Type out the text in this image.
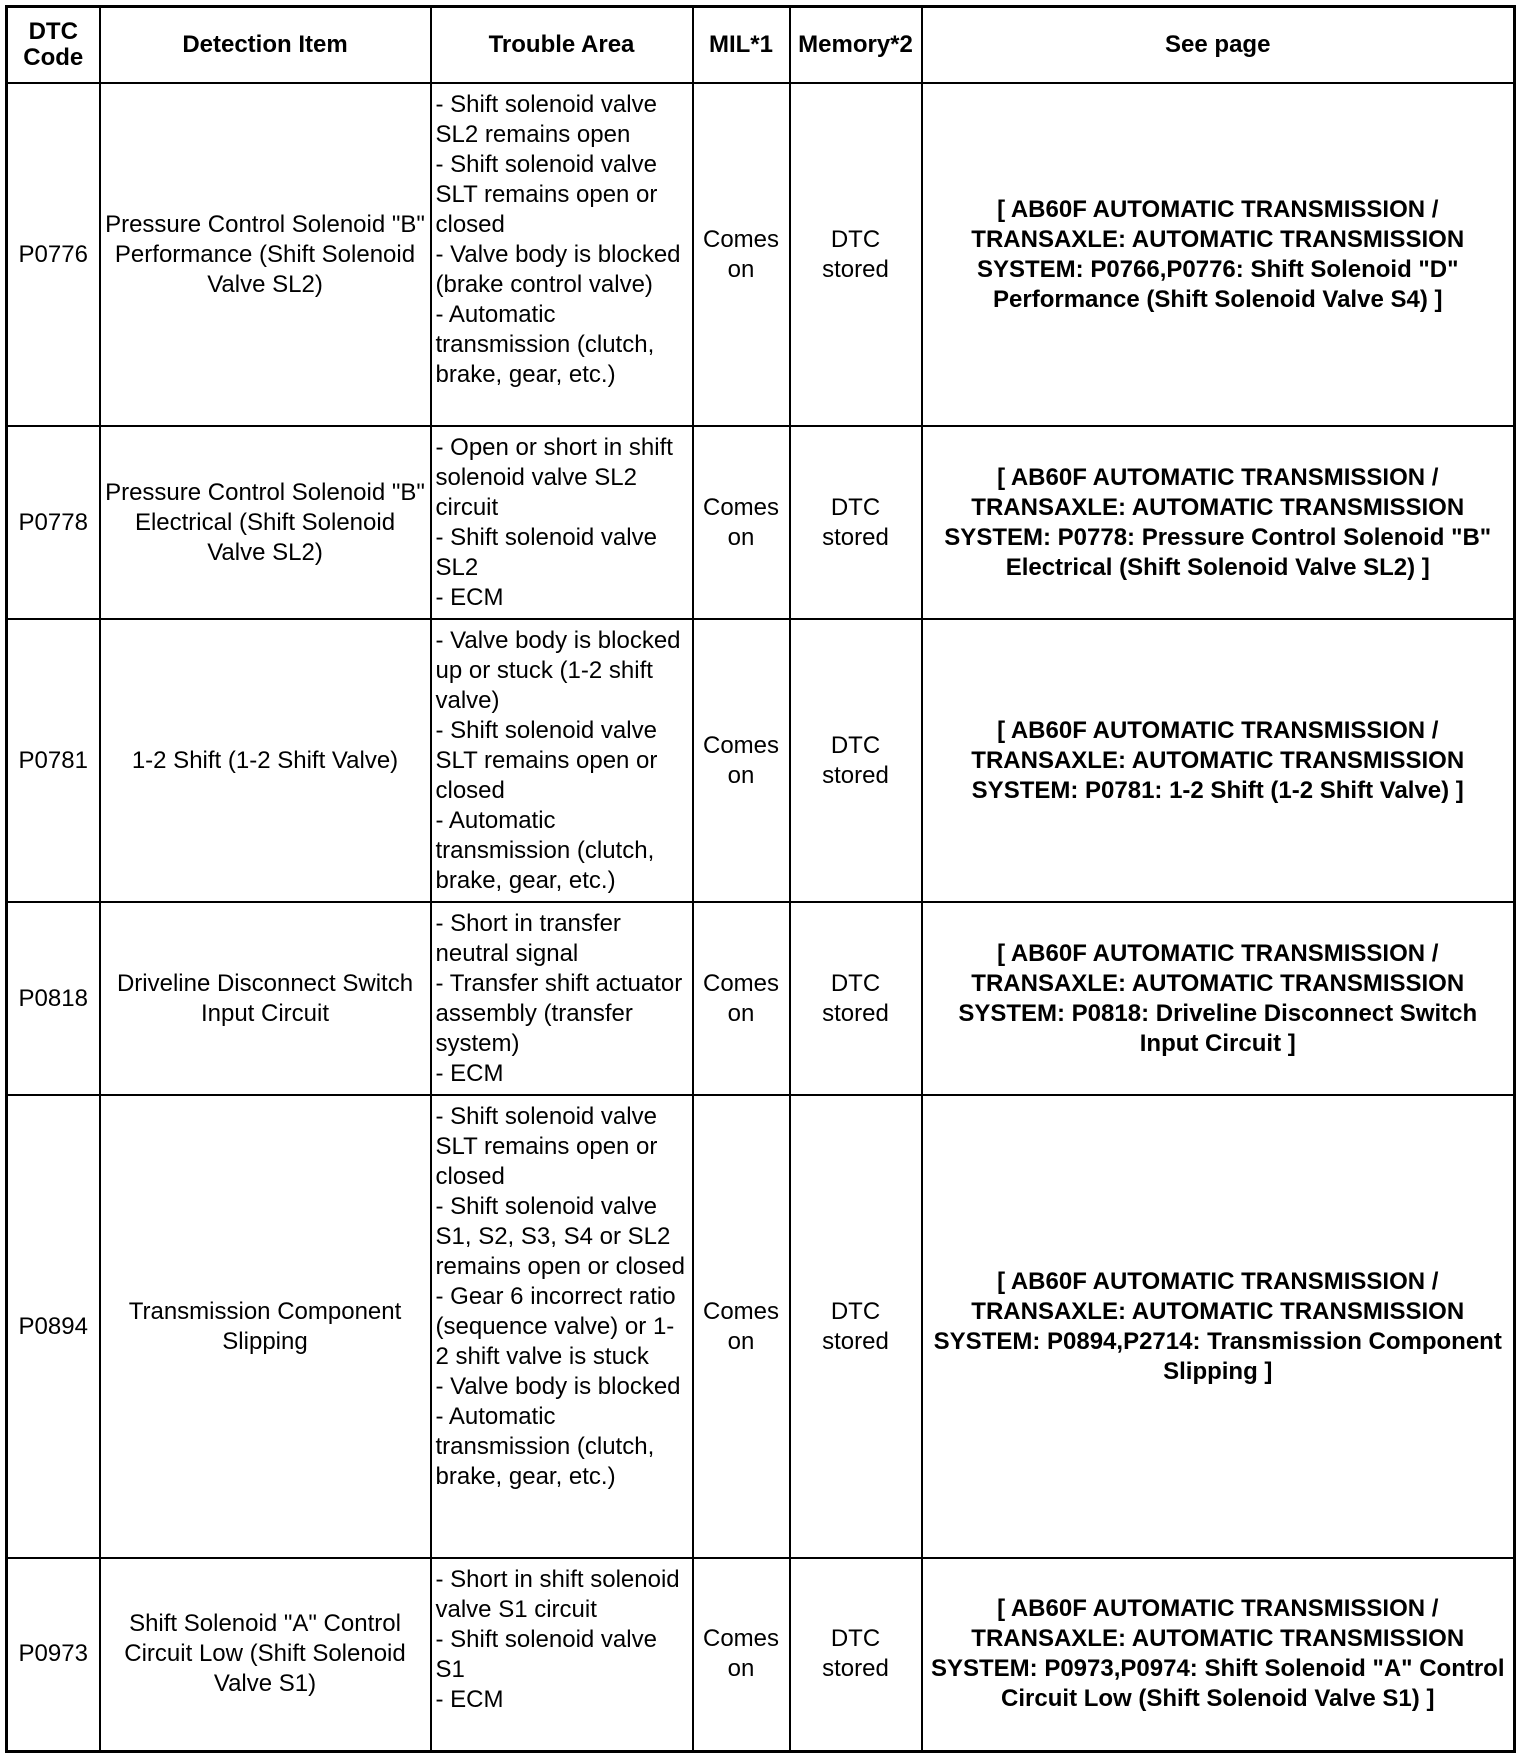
DTC Code	Detection Item	Trouble Area	MIL*1	Memory*2	See page
P0776	Pressure Control Solenoid "B" Performance (Shift Solenoid Valve SL2)	- Shift solenoid valve SL2 remains open
- Shift solenoid valve SLT remains open or closed
- Valve body is blocked (brake control valve)
- Automatic transmission (clutch, brake, gear, etc.)	Comes on	DTC stored	[ AB60F AUTOMATIC TRANSMISSION / TRANSAXLE: AUTOMATIC TRANSMISSION SYSTEM: P0766,P0776: Shift Solenoid "D" Performance (Shift Solenoid Valve S4) ]
P0778	Pressure Control Solenoid "B" Electrical (Shift Solenoid Valve SL2)	- Open or short in shift solenoid valve SL2 circuit
- Shift solenoid valve SL2
- ECM	Comes on	DTC stored	[ AB60F AUTOMATIC TRANSMISSION / TRANSAXLE: AUTOMATIC TRANSMISSION SYSTEM: P0778: Pressure Control Solenoid "B" Electrical (Shift Solenoid Valve SL2) ]
P0781	1-2 Shift (1-2 Shift Valve)	- Valve body is blocked up or stuck (1-2 shift valve)
- Shift solenoid valve SLT remains open or closed
- Automatic transmission (clutch, brake, gear, etc.)	Comes on	DTC stored	[ AB60F AUTOMATIC TRANSMISSION / TRANSAXLE: AUTOMATIC TRANSMISSION SYSTEM: P0781: 1-2 Shift (1-2 Shift Valve) ]
P0818	Driveline Disconnect Switch Input Circuit	- Short in transfer neutral signal
- Transfer shift actuator assembly (transfer system)
- ECM	Comes on	DTC stored	[ AB60F AUTOMATIC TRANSMISSION / TRANSAXLE: AUTOMATIC TRANSMISSION SYSTEM: P0818: Driveline Disconnect Switch Input Circuit ]
P0894	Transmission Component Slipping	- Shift solenoid valve SLT remains open or closed
- Shift solenoid valve S1, S2, S3, S4 or SL2 remains open or closed
- Gear 6 incorrect ratio (sequence valve) or 1-2 shift valve is stuck
- Valve body is blocked
- Automatic transmission (clutch, brake, gear, etc.)	Comes on	DTC stored	[ AB60F AUTOMATIC TRANSMISSION / TRANSAXLE: AUTOMATIC TRANSMISSION SYSTEM: P0894,P2714: Transmission Component Slipping ]
P0973	Shift Solenoid "A" Control Circuit Low (Shift Solenoid Valve S1)	- Short in shift solenoid valve S1 circuit
- Shift solenoid valve S1
- ECM	Comes on	DTC stored	[ AB60F AUTOMATIC TRANSMISSION / TRANSAXLE: AUTOMATIC TRANSMISSION SYSTEM: P0973,P0974: Shift Solenoid "A" Control Circuit Low (Shift Solenoid Valve S1) ]
